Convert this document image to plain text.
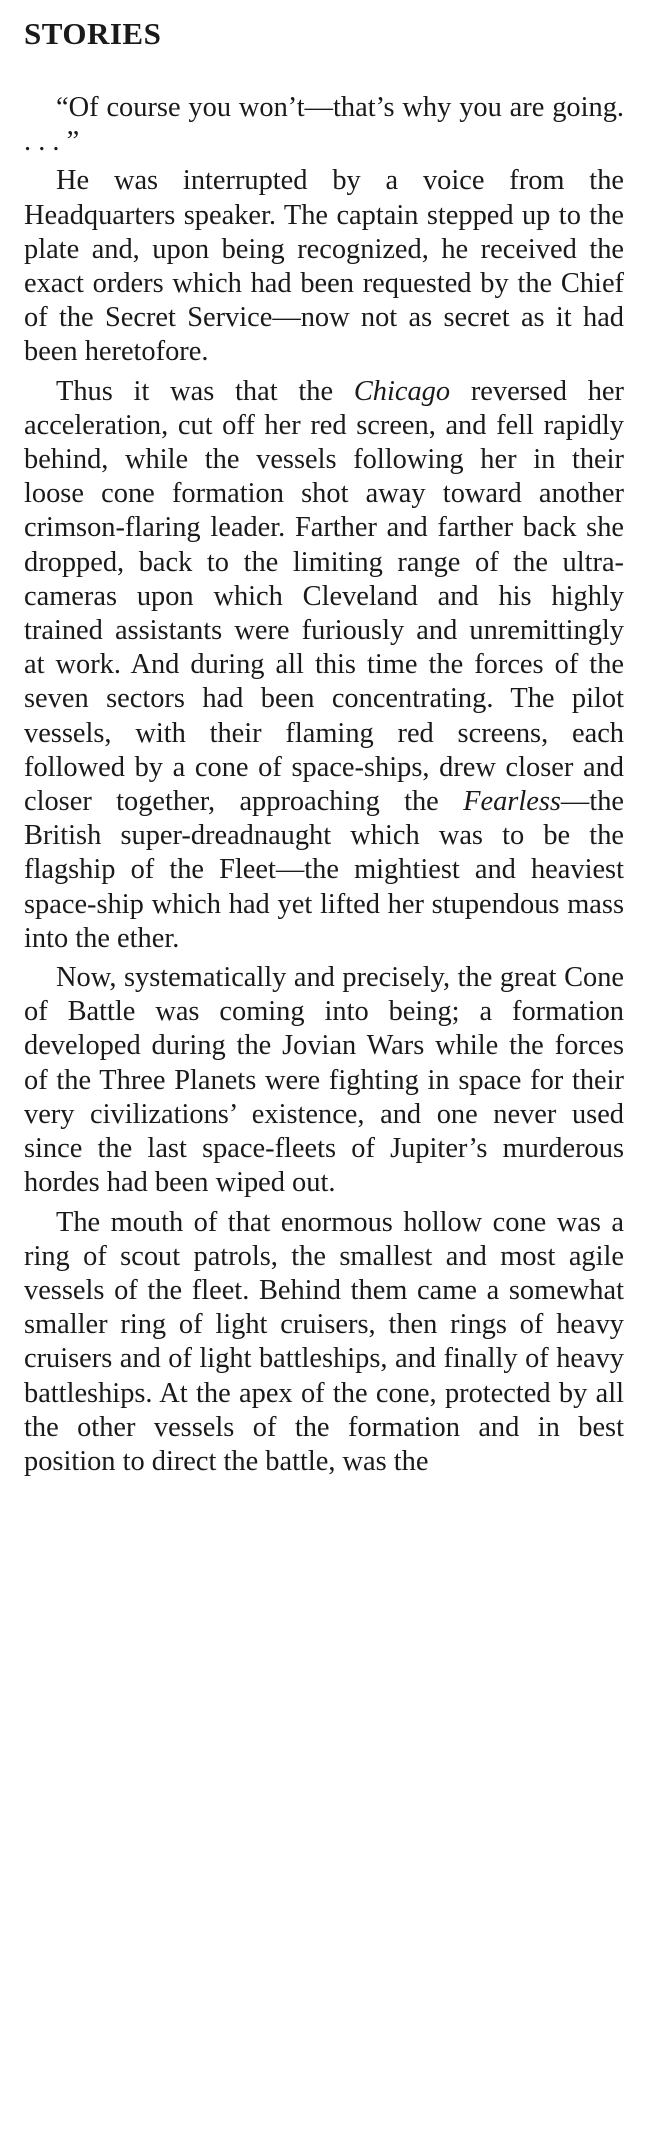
STORIES

“Of course you won’t—that’s why you are going. . . . ”

He was interrupted by a voice from the Headquarters speaker. The captain stepped up to the plate and, upon being recognized, he received the exact orders which had been requested by the Chief of the Secret Service—now not as secret as it had been heretofore.

Thus it was that the Chicago reversed her acceleration, cut off her red screen, and fell rapidly behind, while the vessels following her in their loose cone formation shot away toward another crimson-flaring leader. Farther and farther back she dropped, back to the limiting range of the ultra-cameras upon which Cleveland and his highly trained assistants were furiously and unremittingly at work. And during all this time the forces of the seven sectors had been concentrating. The pilot vessels, with their flaming red screens, each followed by a cone of space-ships, drew closer and closer together, approaching the Fearless—the British super-dreadnaught which was to be the flagship of the Fleet—the mightiest and heaviest space-ship which had yet lifted her stupendous mass into the ether.

Now, systematically and precisely, the great Cone of Battle was coming into being; a formation developed during the Jovian Wars while the forces of the Three Planets were fighting in space for their very civilizations’ existence, and one never used since the last space-fleets of Jupiter’s murderous hordes had been wiped out.

The mouth of that enormous hollow cone was a ring of scout patrols, the smallest and most agile vessels of the fleet. Behind them came a somewhat smaller ring of light cruisers, then rings of heavy cruisers and of light battleships, and finally of heavy battleships. At the apex of the cone, protected by all the other vessels of the formation and in best position to direct the battle, was the
